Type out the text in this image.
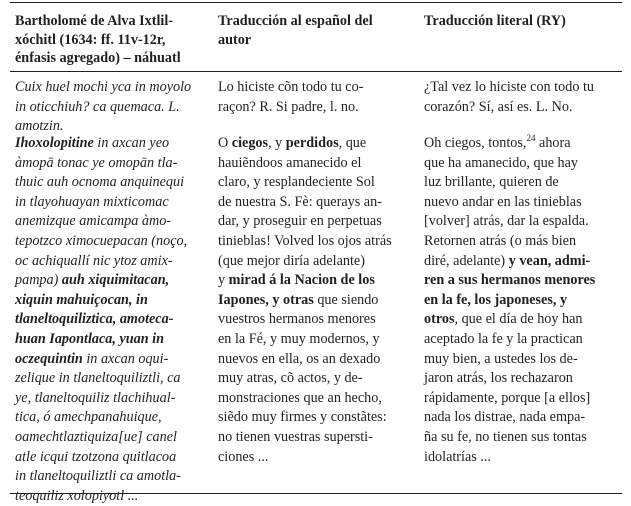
Bartholomé de Alva Ixtlil-
xóchitl (1634: ff. 11v-12r,
énfasis agregado) – náhuatl
Traducción al español del
autor
Traducción literal (RY)
Cuix huel mochi yca in moyolo
in oticchiuh? ca quemaca. L.
amotzin.
Lo hiciste cõn todo tu co-
raçon? R. Si padre, l. no.
¿Tal vez lo hiciste con todo tu
corazón? Sí, así es. L. No.
Ihoxolopitine in axcan yeo
àmopā tonac ye omopān tla-
thuic auh ocnoma anquinequi
in tlayohuayan mixticomac
anemizque amicampa àmo-
tepotzco ximocuepacan (noço,
oc achiquallí nic ytoz amix-
pampa) auh xiquimitacan,
xiquin mahuiçocan, in
tlaneltoquiliztica, amoteca-
huan Iapontlaca, yuan in
oczequintin in axcan oqui-
zelique in tlaneltoquiliztli, ca
ye, tlaneltoquiliz tlachihual-
tica, ó amechpanahuique,
oamechtlaztiquiza[ue] canel
atle icqui tzotzona quitlacoa
in tlaneltoquiliztli ca amotla-
teoquiliz xolopiyotl ...
O ciegos, y perdidos, que
hauiẽndoos amanecido el
claro, y resplandeciente Sol
de nuestra S. Fè: querays an-
dar, y proseguir en perpetuas
tinieblas! Volved los ojos atrás
(que mejor diría adelante)
y mirad á la Nacion de los
Iapones, y otras que siendo
vuestros hermanos menores
en la Fé, y muy modernos, y
nuevos en ella, os an dexado
muy atras, cõ actos, y de-
monstraciones que an hecho,
siẽdo muy firmes y constãtes:
no tienen vuestras supersti-
ciones ...
Oh ciegos, tontos,$^{24}$ ahora
que ha amanecido, que hay
luz brillante, quieren de
nuevo andar en las tinieblas
[volver] atrás, dar la espalda.
Retornen atrás (o más bien
diré, adelante) y vean, admi-
ren a sus hermanos menores
en la fe, los japoneses, y
otros, que el día de hoy han
aceptado la fe y la practican
muy bien, a ustedes los de-
jaron atrás, los rechazaron
rápidamente, porque [a ellos]
nada los distrae, nada empa-
ña su fe, no tienen sus tontas
idolatrías ...
